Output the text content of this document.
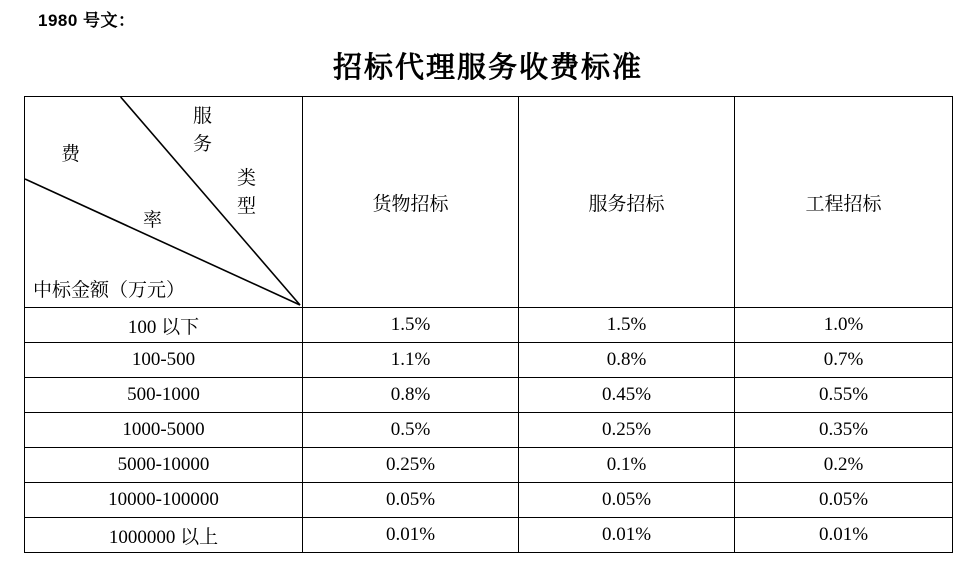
1980 号文：
招标代理服务收费标准
费
率
服
务
类
型
中标金额（万元）
	货物招标	服务招标	工程招标
100 以下	1.5%	1.5%	1.0%
100-500	1.1%	0.8%	0.7%
500-1000	0.8%	0.45%	0.55%
1000-5000	0.5%	0.25%	0.35%
5000-10000	0.25%	0.1%	0.2%
10000-100000	0.05%	0.05%	0.05%
1000000 以上	0.01%	0.01%	0.01%
